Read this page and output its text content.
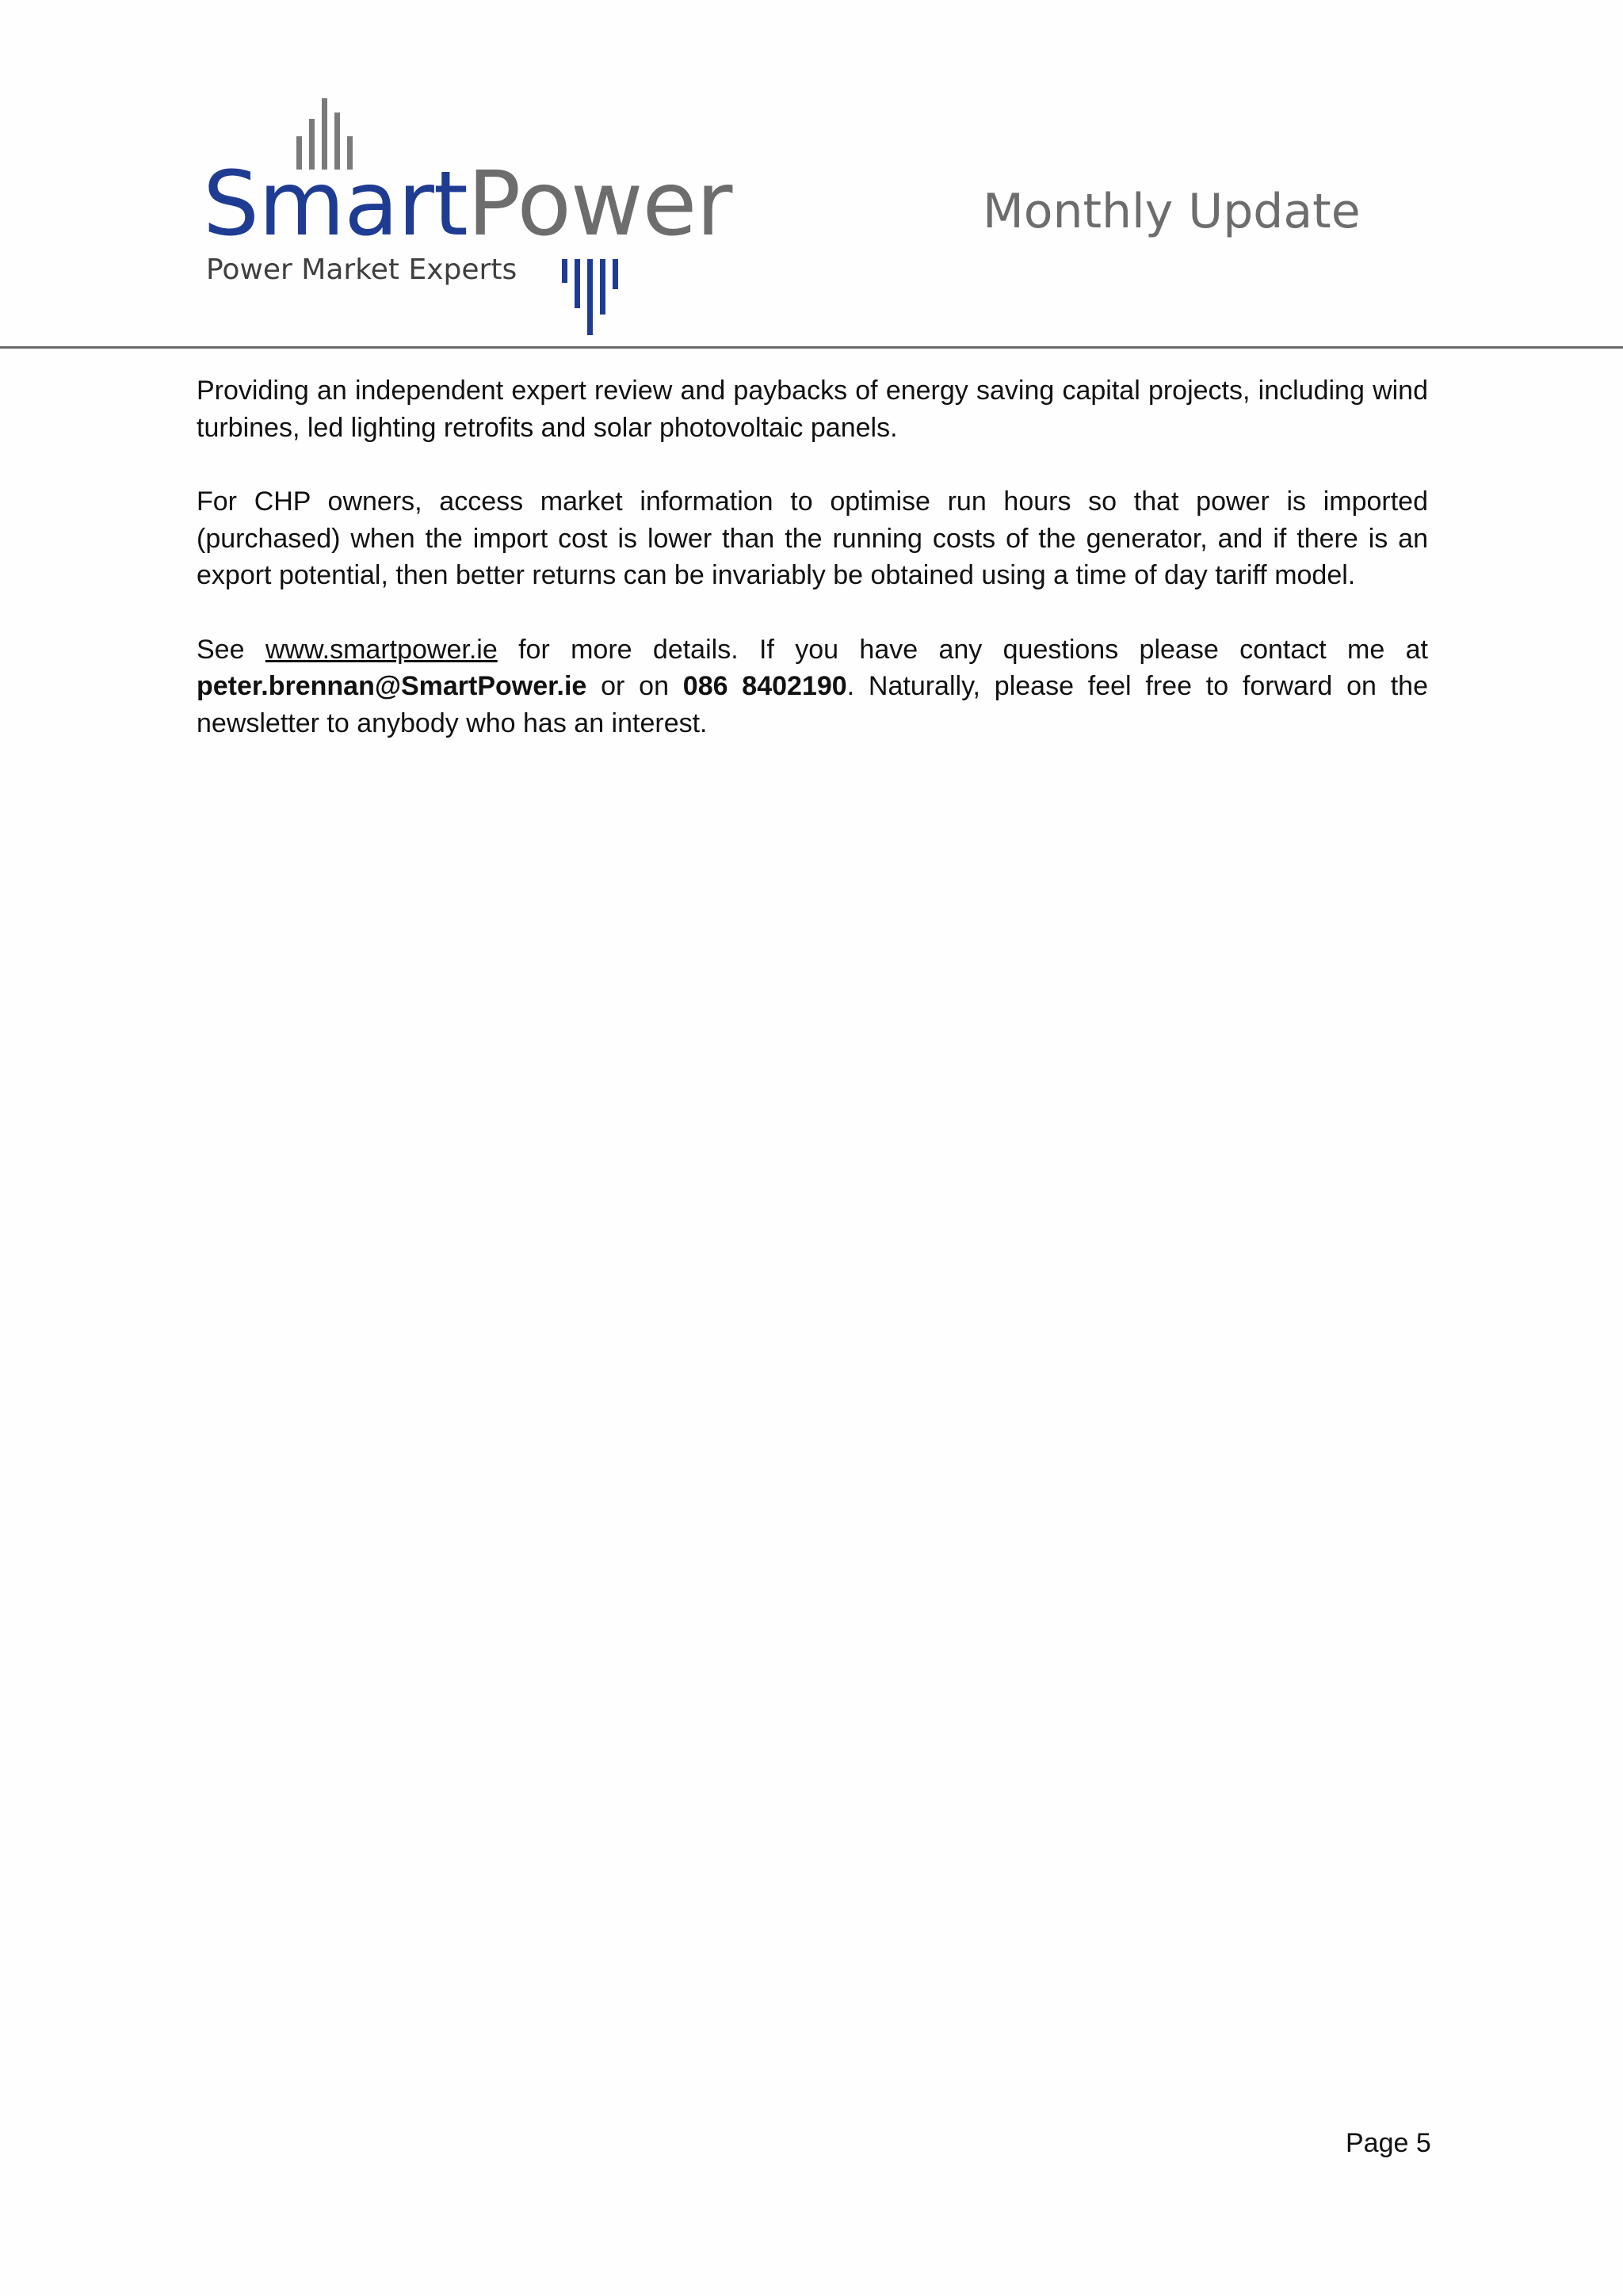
SmartPower
Power Market Experts
Monthly Update

Providing an independent expert review and paybacks of energy saving capital projects, including wind turbines, led lighting retrofits and solar photovoltaic panels.

For CHP owners, access market information to optimise run hours so that power is imported (purchased) when the import cost is lower than the running costs of the generator, and if there is an export potential, then better returns can be invariably be obtained using a time of day tariff model.

See www.smartpower.ie for more details. If you have any questions please contact me at peter.brennan@SmartPower.ie or on 086 8402190. Naturally, please feel free to forward on the newsletter to anybody who has an interest.

Page 5
